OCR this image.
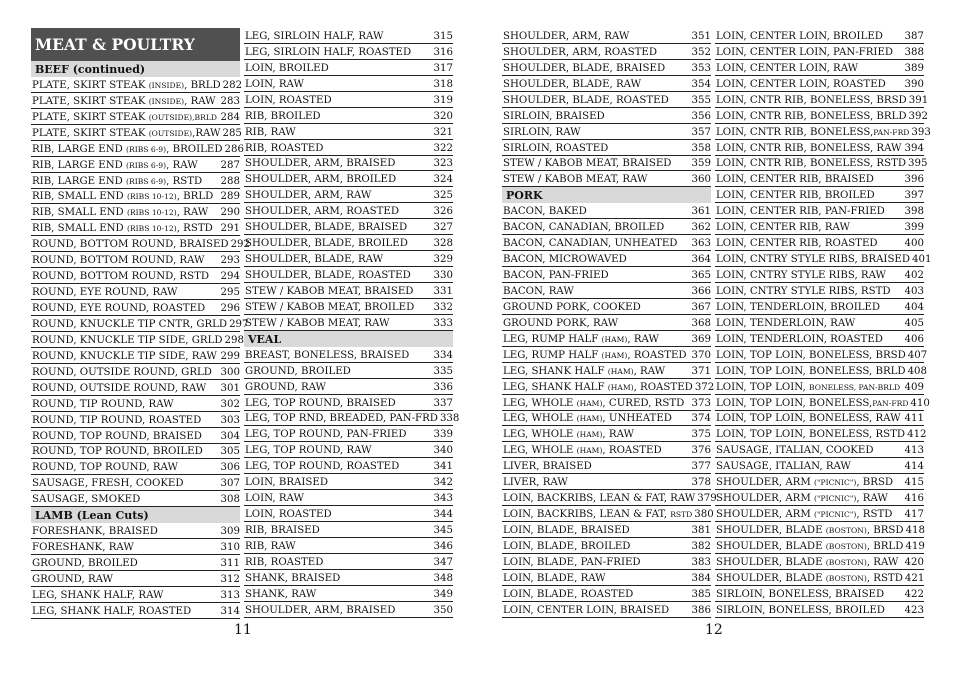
MEAT & POULTRY
BEEF (continued)
PLATE, SKIRT STEAK (INSIDE), BRLD 282
PLATE, SKIRT STEAK (INSIDE), RAW 283
PLATE, SKIRT STEAK (OUTSIDE),BRLD 284
PLATE, SKIRT STEAK (OUTSIDE),RAW 285
RIB, LARGE END (RIBS 6-9), BROILED 286
RIB, LARGE END (RIBS 6-9), RAW 287
RIB, LARGE END (RIBS 6-9), RSTD 288
RIB, SMALL END (RIBS 10-12), BRLD 289
RIB, SMALL END (RIBS 10-12), RAW 290
RIB, SMALL END (RIBS 10-12), RSTD 291
ROUND, BOTTOM ROUND, BRAISED 292
ROUND, BOTTOM ROUND, RAW 293
ROUND, BOTTOM ROUND, RSTD 294
ROUND, EYE ROUND, RAW	295
ROUND, EYE ROUND, ROASTED 296
ROUND, KNUCKLE TIP CNTR, GRLD 297
ROUND, KNUCKLE TIP SIDE, GRLD 298
ROUND, KNUCKLE TIP SIDE, RAW 299
ROUND, OUTSIDE ROUND, GRLD 300
ROUND, OUTSIDE ROUND, RAW 301
ROUND, TIP ROUND, RAW	302
ROUND, TIP ROUND, ROASTED 303
ROUND, TOP ROUND, BRAISED 304
ROUND, TOP ROUND, BROILED 305
ROUND, TOP ROUND, RAW	306
SAUSAGE, FRESH, COOKED	307
SAUSAGE, SMOKED	308
LAMB (Lean Cuts)
FORESHANK, BRAISED	309
FORESHANK, RAW	310
GROUND, BROILED	311
GROUND, RAW	312
LEG, SHANK HALF, RAW	313
LEG, SHANK HALF, ROASTED	314
LEG, SIRLOIN HALF, RAW	315
LEG, SIRLOIN HALF, ROASTED 316
LOIN, BROILED	317
LOIN, RAW	318
LOIN, ROASTED	319
RIB, BROILED	320
RIB, RAW	321
RIB, ROASTED	322
SHOULDER, ARM, BRAISED	323
SHOULDER, ARM, BROILED	324
SHOULDER, ARM, RAW	325
SHOULDER, ARM, ROASTED	326
SHOULDER, BLADE, BRAISED	327
SHOULDER, BLADE, BROILED	328
SHOULDER, BLADE, RAW	329
SHOULDER, BLADE, ROASTED 330
STEW / KABOB MEAT, BRAISED 331
STEW / KABOB MEAT, BROILED 332
STEW / KABOB MEAT, RAW	333
VEAL
BREAST, BONELESS, BRAISED 334
GROUND, BROILED	335
GROUND, RAW	336
LEG, TOP ROUND, BRAISED	337
LEG, TOP RND, BREADED, PAN-FRD 338
LEG, TOP ROUND, PAN-FRIED	339
LEG, TOP ROUND, RAW	340
LEG, TOP ROUND, ROASTED	341
LOIN, BRAISED	342
LOIN, RAW	343
LOIN, ROASTED	344
RIB, BRAISED	345
RIB, RAW	346
RIB, ROASTED	347
SHANK, BRAISED	348
SHANK, RAW	349
SHOULDER, ARM, BRAISED	350
SHOULDER, ARM, RAW	351
SHOULDER, ARM, ROASTED	352
SHOULDER, BLADE, BRAISED	353
SHOULDER, BLADE, RAW	354
SHOULDER, BLADE, ROASTED 355
SIRLOIN, BRAISED	356
SIRLOIN, RAW	357
SIRLOIN, ROASTED	358
STEW / KABOB MEAT, BRAISED 359
STEW / KABOB MEAT, RAW	360
PORK
BACON, BAKED	361
BACON, CANADIAN, BROILED	362
BACON, CANADIAN, UNHEATED 363
BACON, MICROWAVED	364
BACON, PAN-FRIED	365
BACON, RAW	366
GROUND PORK, COOKED	367
GROUND PORK, RAW	368
LEG, RUMP HALF (HAM), RAW	369
LEG, RUMP HALF (HAM), ROASTED 370
LEG, SHANK HALF (HAM), RAW	371
LEG, SHANK HALF (HAM), ROASTED 372
LEG, WHOLE (HAM), CURED, RSTD 373
LEG, WHOLE (HAM), UNHEATED 374
LEG, WHOLE (HAM), RAW	375
LEG, WHOLE (HAM), ROASTED	376
LIVER, BRAISED	377
LIVER, RAW	378
LOIN, BACKRIBS, LEAN & FAT, RAW 379
LOIN, BACKRIBS, LEAN & FAT, RSTD 380
LOIN, BLADE, BRAISED	381
LOIN, BLADE, BROILED	382
LOIN, BLADE, PAN-FRIED	383
LOIN, BLADE, RAW	384
LOIN, BLADE, ROASTED	385
LOIN, CENTER LOIN, BRAISED 386
LOIN, CENTER LOIN, BROILED 387
LOIN, CENTER LOIN, PAN-FRIED 388
LOIN, CENTER LOIN, RAW	389
LOIN, CENTER LOIN, ROASTED 390
LOIN, CNTR RIB, BONELESS, BRSD 391
LOIN, CNTR RIB, BONELESS, BRLD 392
LOIN, CNTR RIB, BONELESS,PAN-FRD 393
LOIN, CNTR RIB, BONELESS, RAW 394
LOIN, CNTR RIB, BONELESS, RSTD 395
LOIN, CENTER RIB, BRAISED	396
LOIN, CENTER RIB, BROILED	397
LOIN, CENTER RIB, PAN-FRIED 398
LOIN, CENTER RIB, RAW	399
LOIN, CENTER RIB, ROASTED	400
LOIN, CNTRY STYLE RIBS, BRAISED 401
LOIN, CNTRY STYLE RIBS, RAW 402
LOIN, CNTRY STYLE RIBS, RSTD 403
LOIN, TENDERLOIN, BROILED 404
LOIN, TENDERLOIN, RAW	405
LOIN, TENDERLOIN, ROASTED 406
LOIN, TOP LOIN, BONELESS, BRSD 407
LOIN, TOP LOIN, BONELESS, BRLD 408
LOIN, TOP LOIN, BONELESS, PAN-BRLD 409
LOIN, TOP LOIN, BONELESS,PAN-FRD 410
LOIN, TOP LOIN, BONELESS, RAW 411
LOIN, TOP LOIN, BONELESS, RSTD 412
SAUSAGE, ITALIAN, COOKED	413
SAUSAGE, ITALIAN, RAW	414
SHOULDER, ARM ("PICNIC"), BRSD 415
SHOULDER, ARM ("PICNIC"), RAW 416
SHOULDER, ARM ("PICNIC"), RSTD 417
SHOULDER, BLADE (BOSTON), BRSD 418
SHOULDER, BLADE (BOSTON), BRLD 419
SHOULDER, BLADE (BOSTON), RAW 420
SHOULDER, BLADE (BOSTON), RSTD 421
SIRLOIN, BONELESS, BRAISED 422
SIRLOIN, BONELESS, BROILED 423
11	12
